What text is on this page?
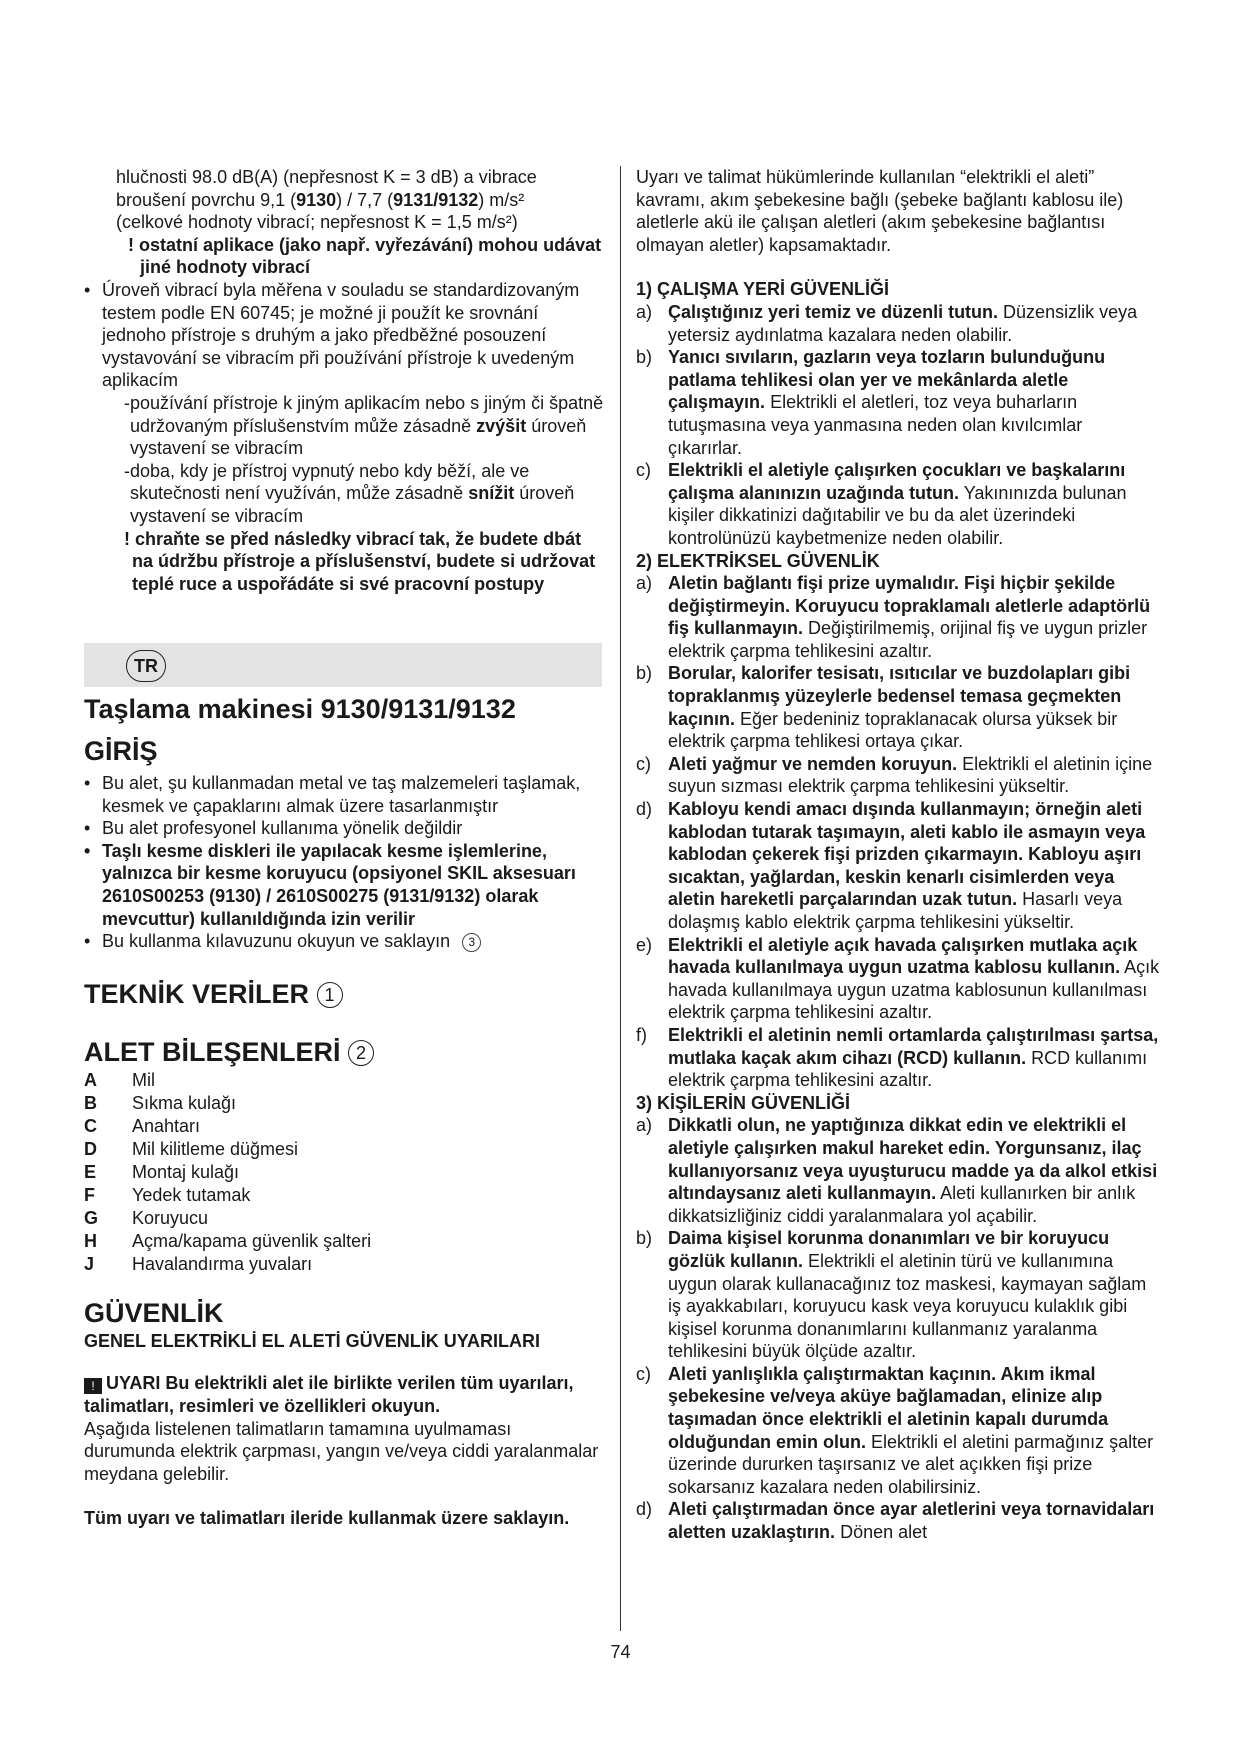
hlučnosti 98.0 dB(A) (nepřesnost K = 3 dB) a vibrace
broušení povrchu 9,1 (9130) / 7,7 (9131/9132) m/s²
(celkové hodnoty vibrací; nepřesnost K = 1,5 m/s²)

! ostatní aplikace (jako např. vyřezávání) mohou udávat jiné hodnoty vibrací

• Úroveň vibrací byla měřena v souladu se standardizovaným testem podle EN 60745; je možné ji použít ke srovnání jednoho přístroje s druhým a jako předběžné posouzení vystavování se vibracím při používání přístroje k uvedeným aplikacím

-používání přístroje k jiným aplikacím nebo s jiným či špatně udržovaným příslušenstvím může zásadně zvýšit úroveň vystavení se vibracím

-doba, kdy je přístroj vypnutý nebo kdy běží, ale ve skutečnosti není využíván, může zásadně snížit úroveň vystavení se vibracím

! chraňte se před následky vibrací tak, že budete dbát na údržbu přístroje a příslušenství, budete si udržovat teplé ruce a uspořádáte si své pracovní postupy

TR

Taşlama makinesi 9130/9131/9132

GİRİŞ

• Bu alet, şu kullanmadan metal ve taş malzemeleri taşlamak, kesmek ve çapaklarını almak üzere tasarlanmıştır
• Bu alet profesyonel kullanıma yönelik değildir
• Taşlı kesme diskleri ile yapılacak kesme işlemlerine, yalnızca bir kesme koruyucu (opsiyonel SKIL aksesuarı 2610S00253 (9130) / 2610S00275 (9131/9132) olarak mevcuttur) kullanıldığında izin verilir
• Bu kullanma kılavuzunu okuyun ve saklayın 3

TEKNİK VERİLER 1

ALET BİLEŞENLERİ 2

A	Mil
B	Sıkma kulağı
C	Anahtarı
D	Mil kilitleme düğmesi
E	Montaj kulağı
F	Yedek tutamak
G	Koruyucu
H	Açma/kapama güvenlik şalteri
J	Havalandırma yuvaları

GÜVENLİK

GENEL ELEKTRİKLİ EL ALETİ GÜVENLİK UYARILARI

! UYARI Bu elektrikli alet ile birlikte verilen tüm uyarıları, talimatları, resimleri ve özellikleri okuyun.
Aşağıda listelenen talimatların tamamına uyulmaması durumunda elektrik çarpması, yangın ve/veya ciddi yaralanmalar meydana gelebilir.

Tüm uyarı ve talimatları ileride kullanmak üzere saklayın.

Uyarı ve talimat hükümlerinde kullanılan “elektrikli el aleti” kavramı, akım şebekesine bağlı (şebeke bağlantı kablosu ile) aletlerle akü ile çalışan aletleri (akım şebekesine bağlantısı olmayan aletler) kapsamaktadır.

1) ÇALIŞMA YERİ GÜVENLİĞİ

a) Çalıştığınız yeri temiz ve düzenli tutun. Düzensizlik veya yetersiz aydınlatma kazalara neden olabilir.
b) Yanıcı sıvıların, gazların veya tozların bulunduğunu patlama tehlikesi olan yer ve mekânlarda aletle çalışmayın. Elektrikli el aletleri, toz veya buharların tutuşmasına veya yanmasına neden olan kıvılcımlar çıkarırlar.
c) Elektrikli el aletiyle çalışırken çocukları ve başkalarını çalışma alanınızın uzağında tutun. Yakınınızda bulunan kişiler dikkatinizi dağıtabilir ve bu da alet üzerindeki kontrolünüzü kaybetmenize neden olabilir.

2) ELEKTRİKSEL GÜVENLİK

a) Aletin bağlantı fişi prize uymalıdır. Fişi hiçbir şekilde değiştirmeyin. Koruyucu topraklamalı aletlerle adaptörlü fiş kullanmayın. Değiştirilmemiş, orijinal fiş ve uygun prizler elektrik çarpma tehlikesini azaltır.
b) Borular, kalorifer tesisatı, ısıtıcılar ve buzdolapları gibi topraklanmış yüzeylerle bedensel temasa geçmekten kaçının. Eğer bedeniniz topraklanacak olursa yüksek bir elektrik çarpma tehlikesi ortaya çıkar.
c) Aleti yağmur ve nemden koruyun. Elektrikli el aletinin içine suyun sızması elektrik çarpma tehlikesini yükseltir.
d) Kabloyu kendi amacı dışında kullanmayın; örneğin aleti kablodan tutarak taşımayın, aleti kablo ile asmayın veya kablodan çekerek fişi prizden çıkarmayın. Kabloyu aşırı sıcaktan, yağlardan, keskin kenarlı cisimlerden veya aletin hareketli parçalarından uzak tutun. Hasarlı veya dolaşmış kablo elektrik çarpma tehlikesini yükseltir.
e) Elektrikli el aletiyle açık havada çalışırken mutlaka açık havada kullanılmaya uygun uzatma kablosu kullanın. Açık havada kullanılmaya uygun uzatma kablosunun kullanılması elektrik çarpma tehlikesini azaltır.
f) Elektrikli el aletinin nemli ortamlarda çalıştırılması şartsa, mutlaka kaçak akım cihazı (RCD) kullanın. RCD kullanımı elektrik çarpma tehlikesini azaltır.

3) KİŞİLERİN GÜVENLİĞİ

a) Dikkatli olun, ne yaptığınıza dikkat edin ve elektrikli el aletiyle çalışırken makul hareket edin. Yorgunsanız, ilaç kullanıyorsanız veya uyuşturucu madde ya da alkol etkisi altındaysanız aleti kullanmayın. Aleti kullanırken bir anlık dikkatsizliğiniz ciddi yaralanmalara yol açabilir.
b) Daima kişisel korunma donanımları ve bir koruyucu gözlük kullanın. Elektrikli el aletinin türü ve kullanımına uygun olarak kullanacağınız toz maskesi, kaymayan sağlam iş ayakkabıları, koruyucu kask veya koruyucu kulaklık gibi kişisel korunma donanımlarını kullanmanız yaralanma tehlikesini büyük ölçüde azaltır.
c) Aleti yanlışlıkla çalıştırmaktan kaçının. Akım ikmal şebekesine ve/veya aküye bağlamadan, elinize alıp taşımadan önce elektrikli el aletinin kapalı durumda olduğundan emin olun. Elektrikli el aletini parmağınız şalter üzerinde dururken taşırsanız ve alet açıkken fişi prize sokarsanız kazalara neden olabilirsiniz.
d) Aleti çalıştırmadan önce ayar aletlerini veya tornavidaları aletten uzaklaştırın. Dönen alet
74
